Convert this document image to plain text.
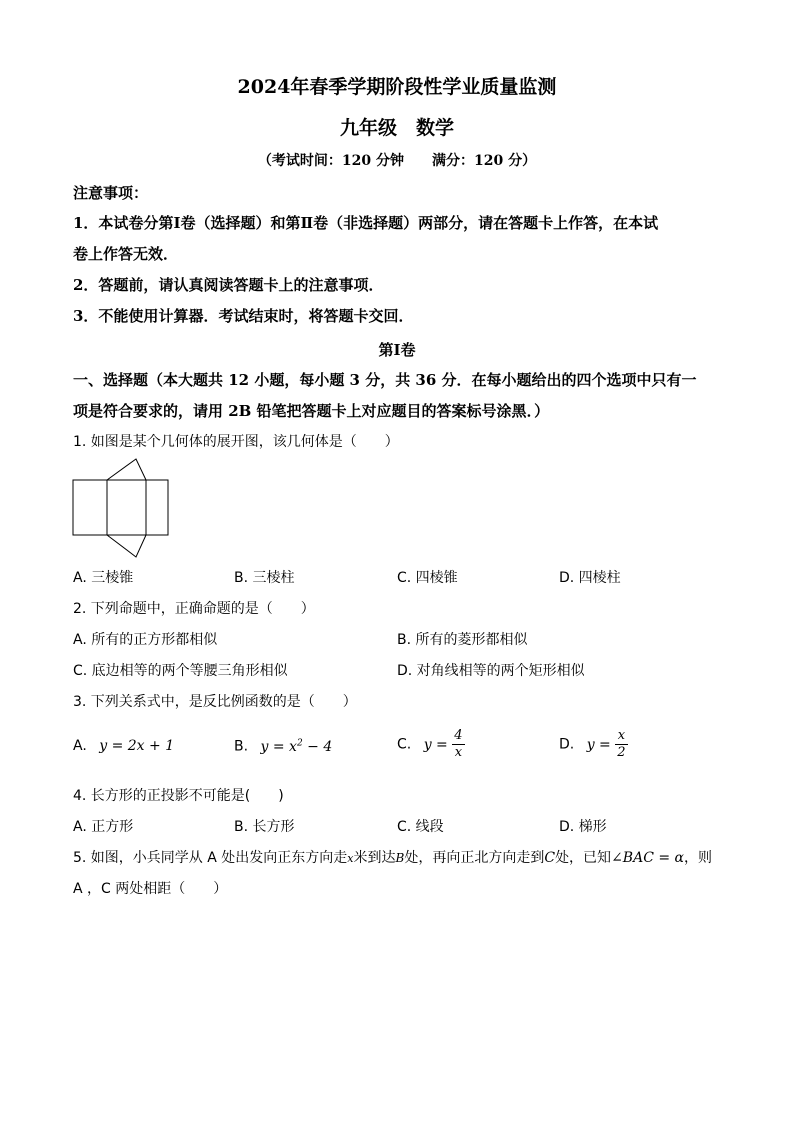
2024年春季学期阶段性学业质量监测
九年级　数学
（考试时间：120 分钟　　满分：120 分）
注意事项：
1．本试卷分第Ⅰ卷（选择题）和第Ⅱ卷（非选择题）两部分，请在答题卡上作答，在本试
卷上作答无效．
2．答题前，请认真阅读答题卡上的注意事项．
3．不能使用计算器．考试结束时，将答题卡交回．
第Ⅰ卷
一、选择题（本大题共 12 小题，每小题 3 分，共 36 分．在每小题给出的四个选项中只有一
项是符合要求的，请用 2B 铅笔把答题卡上对应题目的答案标号涂黑．）
1. 如图是某个几何体的展开图，该几何体是（　　）
A. 三棱锥	B. 三棱柱	C. 四棱锥	D. 四棱柱
2. 下列命题中，正确命题的是（　　）
A. 所有的正方形都相似	B. 所有的菱形都相似
C. 底边相等的两个等腰三角形相似	D. 对角线相等的两个矩形相似
3. 下列关系式中，是反比例函数的是（　　）
A. y = 2x + 1	B. $y = x^2 - 4$	C. $y = \frac{4}{x}$	D. $y = \frac{x}{2}$
4. 长方形的正投影不可能是(　　)
A. 正方形	B. 长方形	C. 线段	D. 梯形
5. 如图，小兵同学从 A 处出发向正东方向走x米到达B处，再向正北方向走到C处，已知∠BAC = α，则
A ，C 两处相距（　　）
